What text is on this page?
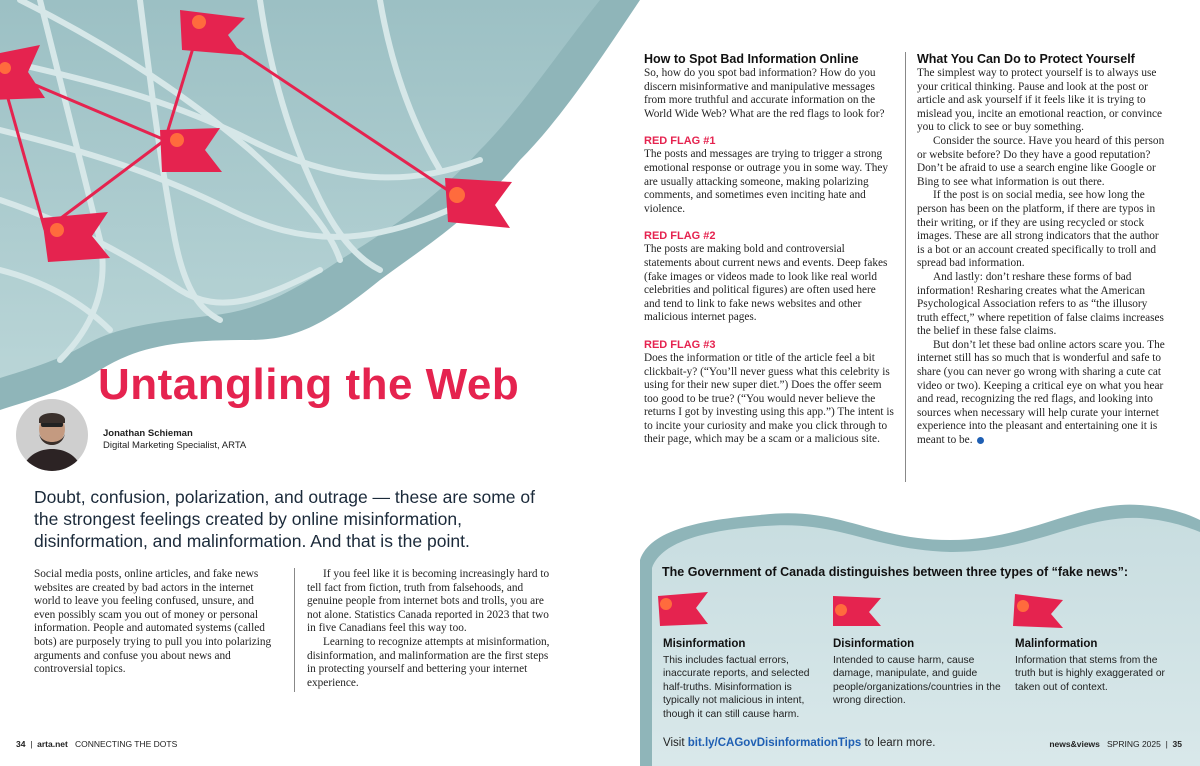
Untangling the Web
Jonathan Schieman
Digital Marketing Specialist, ARTA

Doubt, confusion, polarization, and outrage — these are some of the strongest feelings created by online misinformation, disinformation, and malinformation. And that is the point.

Social media posts, online articles, and fake news websites are created by bad actors in the internet world to leave you feeling confused, unsure, and even possibly scam you out of money or personal information. People and automated systems (called bots) are purposely trying to pull you into polarizing arguments and confuse you about news and controversial topics.

If you feel like it is becoming increasingly hard to tell fact from fiction, truth from falsehoods, and genuine people from internet bots and trolls, you are not alone. Statistics Canada reported in 2023 that two in five Canadians feel this way too.

Learning to recognize attempts at misinformation, disinformation, and malinformation are the first steps in protecting yourself and bettering your internet experience.

How to Spot Bad Information Online

So, how do you spot bad information? How do you discern misinformative and manipulative messages from more truthful and accurate information on the World Wide Web? What are the red flags to look for?

RED FLAG #1

The posts and messages are trying to trigger a strong emotional response or outrage you in some way. They are usually attacking someone, making polarizing comments, and sometimes even inciting hate and violence.

RED FLAG #2

The posts are making bold and controversial statements about current news and events. Deep fakes (fake images or videos made to look like real world celebrities and political figures) are often used here and tend to link to fake news websites and other malicious internet pages.

RED FLAG #3

Does the information or title of the article feel a bit clickbait-y? (“You’ll never guess what this celebrity is using for their new super diet.”) Does the offer seem too good to be true? (“You would never believe the returns I got by investing using this app.”) The intent is to incite your curiosity and make you click through to their page, which may be a scam or a malicious site.

What You Can Do to Protect Yourself

The simplest way to protect yourself is to always use your critical thinking. Pause and look at the post or article and ask yourself if it feels like it is trying to mislead you, incite an emotional reaction, or convince you to click to see or buy something.

Consider the source. Have you heard of this person or website before? Do they have a good reputation? Don’t be afraid to use a search engine like Google or Bing to see what information is out there.

If the post is on social media, see how long the person has been on the platform, if there are typos in their writing, or if they are using recycled or stock images. These are all strong indicators that the author is a bot or an account created specifically to troll and spread bad information.

And lastly: don’t reshare these forms of bad information! Resharing creates what the American Psychological Association refers to as “the illusory truth effect,” where repetition of false claims increases the belief in these false claims.

But don’t let these bad online actors scare you. The internet still has so much that is wonderful and safe to share (you can never go wrong with sharing a cute cat video or two). Keeping a critical eye on what you hear and read, recognizing the red flags, and looking into sources when necessary will help curate your internet experience into the pleasant and entertaining one it is meant to be.

The Government of Canada distinguishes between three types of “fake news”:
Misinformation
This includes factual errors, inaccurate reports, and selected half-truths. Misinformation is typically not malicious in intent, though it can still cause harm.
Disinformation
Intended to cause harm, cause damage, manipulate, and guide people/organizations/countries in the wrong direction.
Malinformation
Information that stems from the truth but is highly exaggerated or taken out of context.
Visit bit.ly/CAGovDisinformationTips to learn more.
34  |  arta.net CONNECTING THE DOTS	news&views SPRING 2025  |  35
